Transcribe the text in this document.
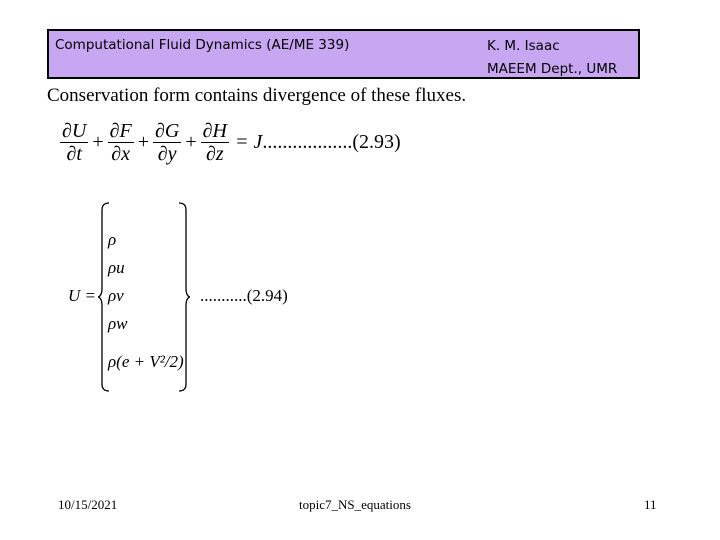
Computational Fluid Dynamics (AE/ME 339)	K. M. Isaac
MAEEM Dept., UMR
Conservation form contains divergence of these fluxes.
$\frac{\partial U}{\partial t} + \frac{\partial F}{\partial x} + \frac{\partial G}{\partial y} + \frac{\partial H}{\partial z} = J$ ..................(2.93)
U =
ρ
ρu
ρv
ρw
ρ(e + V²/2)
...........(2.94)
10/15/2021	topic7_NS_equations	11
